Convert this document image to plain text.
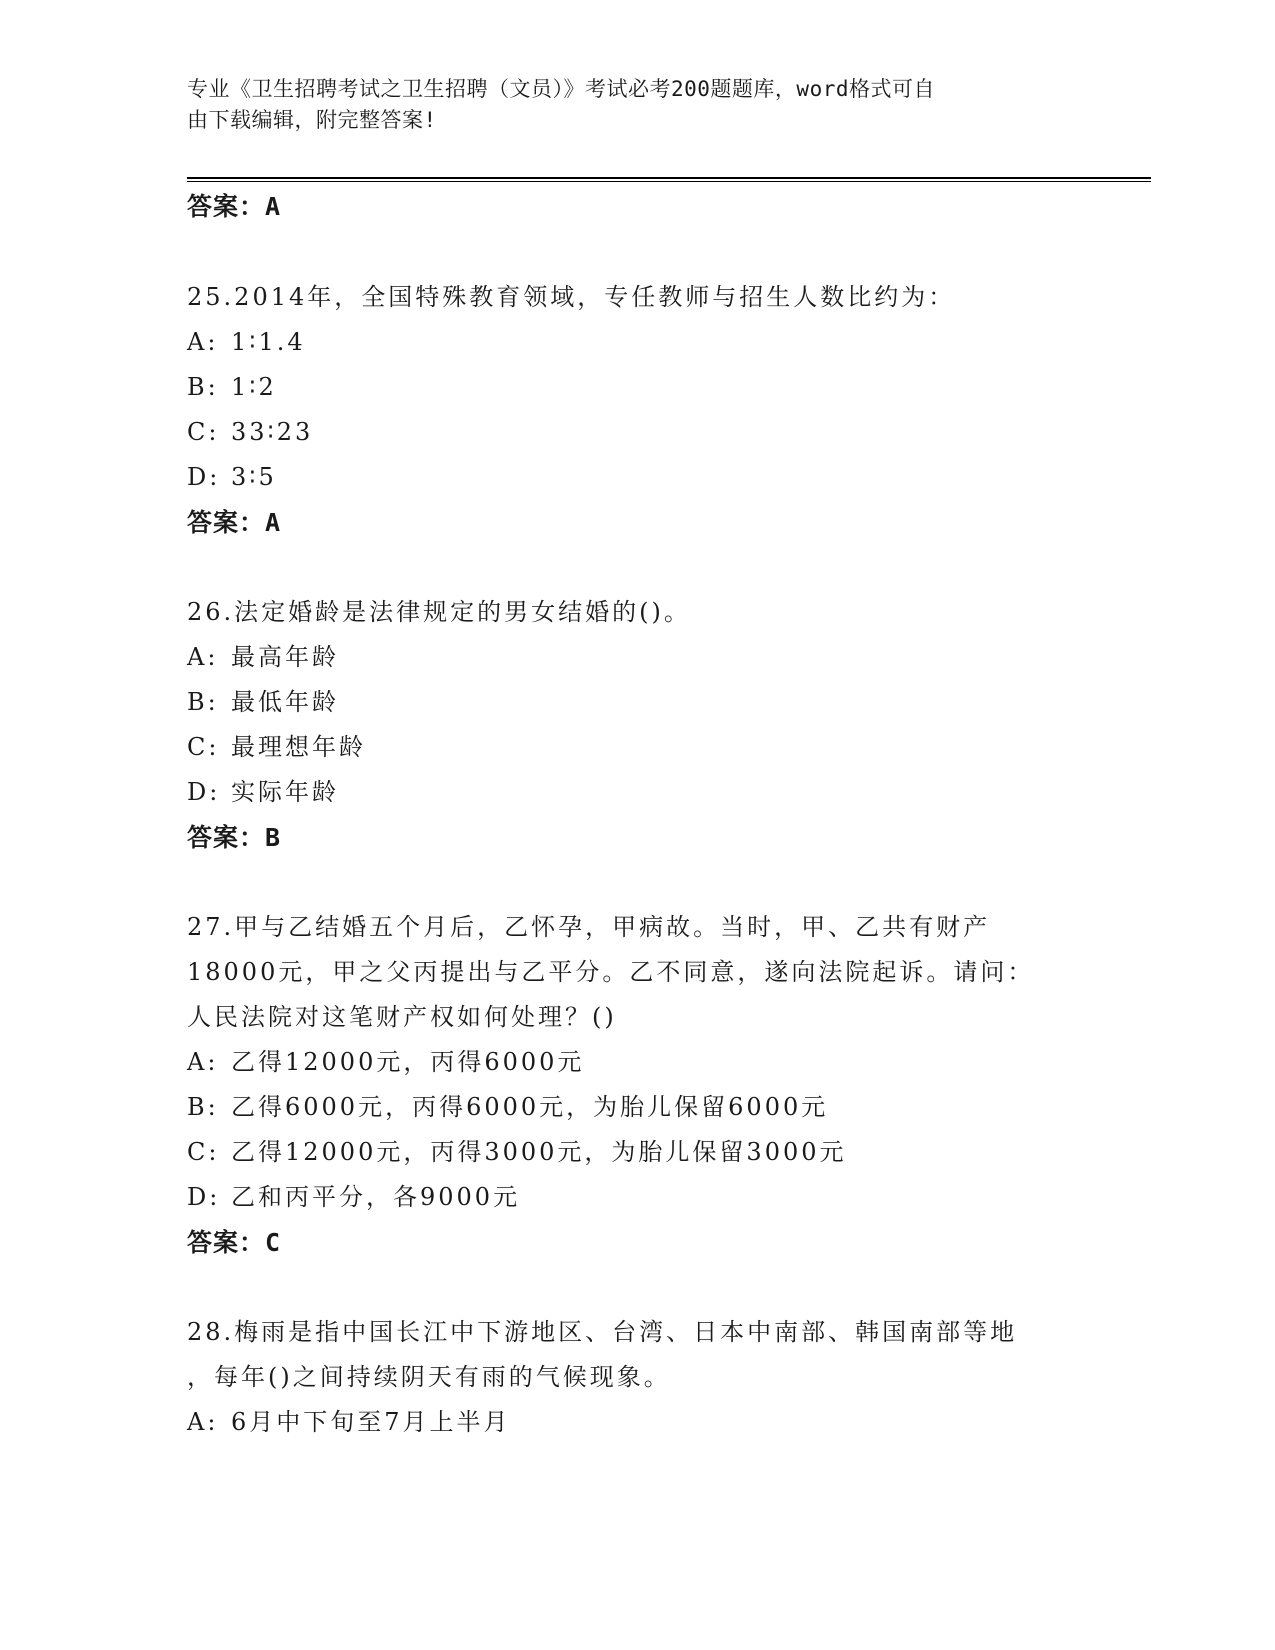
专业《卫生招聘考试之卫生招聘（文员）》考试必考200题题库，word格式可自
由下载编辑，附完整答案!
答案：A
25.2014年，全国特殊教育领域，专任教师与招生人数比约为：
A: 1∶1.4
B: 1∶2
C: 33∶23
D: 3∶5
答案：A
26.法定婚龄是法律规定的男女结婚的()。
A: 最高年龄
B: 最低年龄
C: 最理想年龄
D: 实际年龄
答案：B
27.甲与乙结婚五个月后，乙怀孕，甲病故。当时，甲、乙共有财产
18000元，甲之父丙提出与乙平分。乙不同意，遂向法院起诉。请问：
人民法院对这笔财产权如何处理？()
A: 乙得12000元，丙得6000元
B: 乙得6000元，丙得6000元，为胎儿保留6000元
C: 乙得12000元，丙得3000元，为胎儿保留3000元
D: 乙和丙平分，各9000元
答案：C
28.梅雨是指中国长江中下游地区、台湾、日本中南部、韩国南部等地
，每年()之间持续阴天有雨的气候现象。
A: 6月中下旬至7月上半月
